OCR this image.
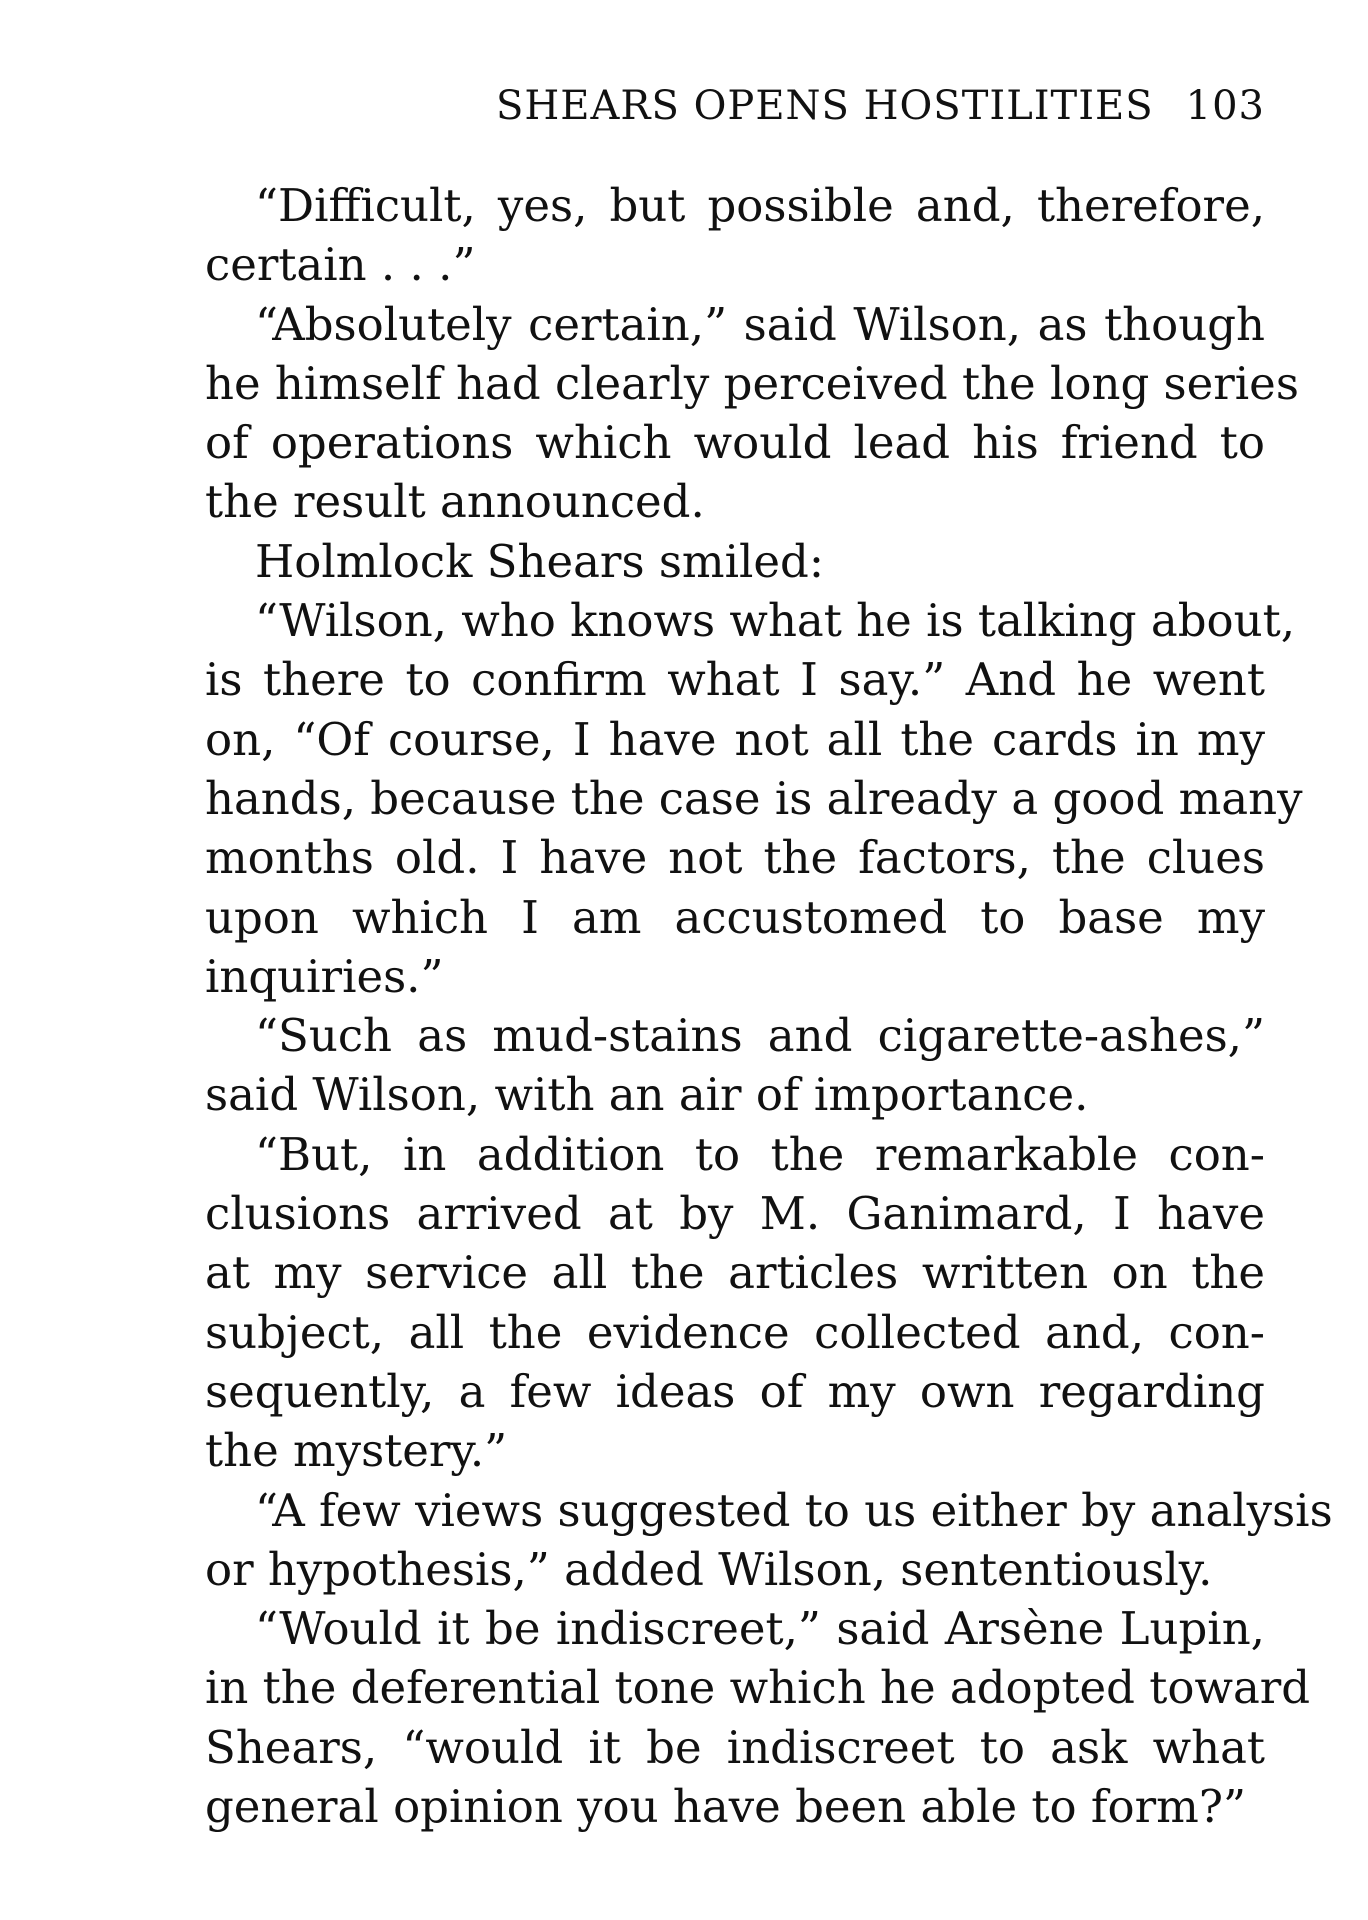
SHEARS OPENS HOSTILITIES 103
“Difficult, yes, but possible and, therefore,
certain . . .”
“Absolutely certain,” said Wilson, as though
he himself had clearly perceived the long series
of operations which would lead his friend to
the result announced.
Holmlock Shears smiled:
“Wilson, who knows what he is talking about,
is there to confirm what I say.” And he went
on, “Of course, I have not all the cards in my
hands, because the case is already a good many
months old. I have not the factors, the clues
upon which I am accustomed to base my
inquiries.”
“Such as mud-stains and cigarette-ashes,”
said Wilson, with an air of importance.
“But, in addition to the remarkable con-
clusions arrived at by M. Ganimard, I have
at my service all the articles written on the
subject, all the evidence collected and, con-
sequently, a few ideas of my own regarding
the mystery.”
“A few views suggested to us either by analysis
or hypothesis,” added Wilson, sententiously.
“Would it be indiscreet,” said Arsène Lupin,
in the deferential tone which he adopted toward
Shears, “would it be indiscreet to ask what
general opinion you have been able to form?”
